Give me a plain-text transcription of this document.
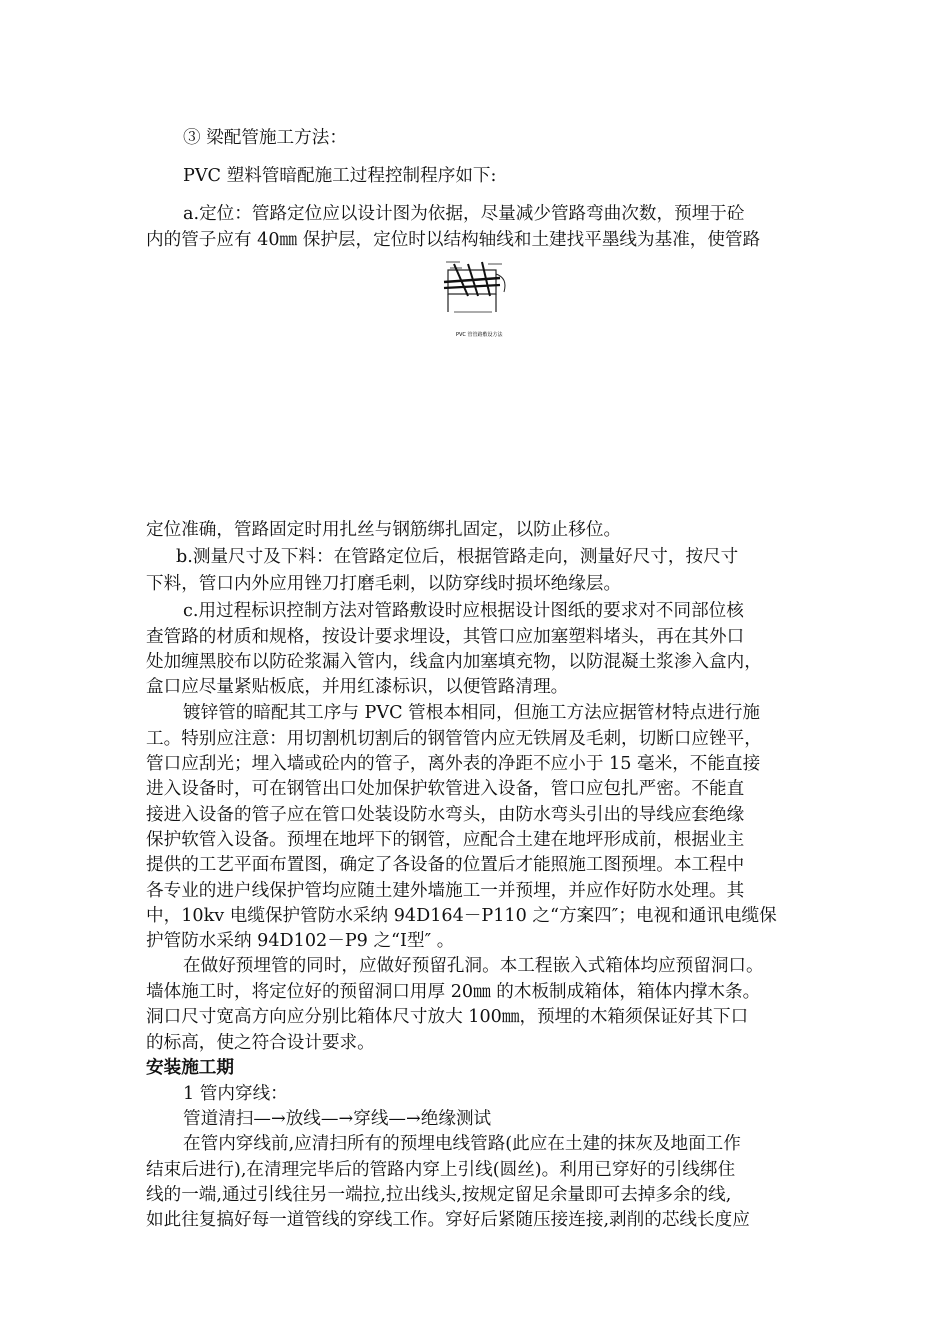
③ 梁配管施工方法：
PVC 塑料管暗配施工过程控制程序如下:
a.定位：管路定位应以设计图为依据，尽量减少管路弯曲次数，预埋于砼
内的管子应有 40㎜ 保护层，定位时以结构轴线和土建找平墨线为基准，使管路
PVC 管管路敷设方法
定位准确，管路固定时用扎丝与钢筋绑扎固定，以防止移位。
b.测量尺寸及下料：在管路定位后，根据管路走向，测量好尺寸，按尺寸
下料，管口内外应用锉刀打磨毛刺，以防穿线时损坏绝缘层。
c.用过程标识控制方法对管路敷设时应根据设计图纸的要求对不同部位核
查管路的材质和规格，按设计要求埋设，其管口应加塞塑料堵头，再在其外口
处加缠黑胶布以防砼浆漏入管内，线盒内加塞填充物，以防混凝土浆渗入盒内，
盒口应尽量紧贴板底，并用红漆标识，以便管路清理。
镀锌管的暗配其工序与 PVC 管根本相同，但施工方法应据管材特点进行施
工。特别应注意：用切割机切割后的钢管管内应无铁屑及毛刺，切断口应锉平，
管口应刮光；埋入墙或砼内的管子，离外表的净距不应小于 15 毫米，不能直接
进入设备时，可在钢管出口处加保护软管进入设备，管口应包扎严密。不能直
接进入设备的管子应在管口处装设防水弯头，由防水弯头引出的导线应套绝缘
保护软管入设备。预埋在地坪下的钢管，应配合土建在地坪形成前，根据业主
提供的工艺平面布置图，确定了各设备的位置后才能照施工图预埋。本工程中
各专业的进户线保护管均应随土建外墙施工一并预埋，并应作好防水处理。其
中，10kv 电缆保护管防水采纳 94D164－P110 之“方案四″；电视和通讯电缆保
护管防水采纳 94D102－P9 之“Ⅰ型″ 。
在做好预埋管的同时，应做好预留孔洞。本工程嵌入式箱体均应预留洞口。
墙体施工时，将定位好的预留洞口用厚 20㎜ 的木板制成箱体，箱体内撑木条。
洞口尺寸宽高方向应分别比箱体尺寸放大 100㎜，预埋的木箱须保证好其下口
的标高，使之符合设计要求。
安装施工期
1 管内穿线：
管道清扫—→放线—→穿线—→绝缘测试
在管内穿线前,应清扫所有的预埋电线管路(此应在土建的抹灰及地面工作
结束后进行),在清理完毕后的管路内穿上引线(圆丝)。利用已穿好的引线绑住
线的一端,通过引线往另一端拉,拉出线头,按规定留足余量即可去掉多余的线,
如此往复搞好每一道管线的穿线工作。穿好后紧随压接连接,剥削的芯线长度应
